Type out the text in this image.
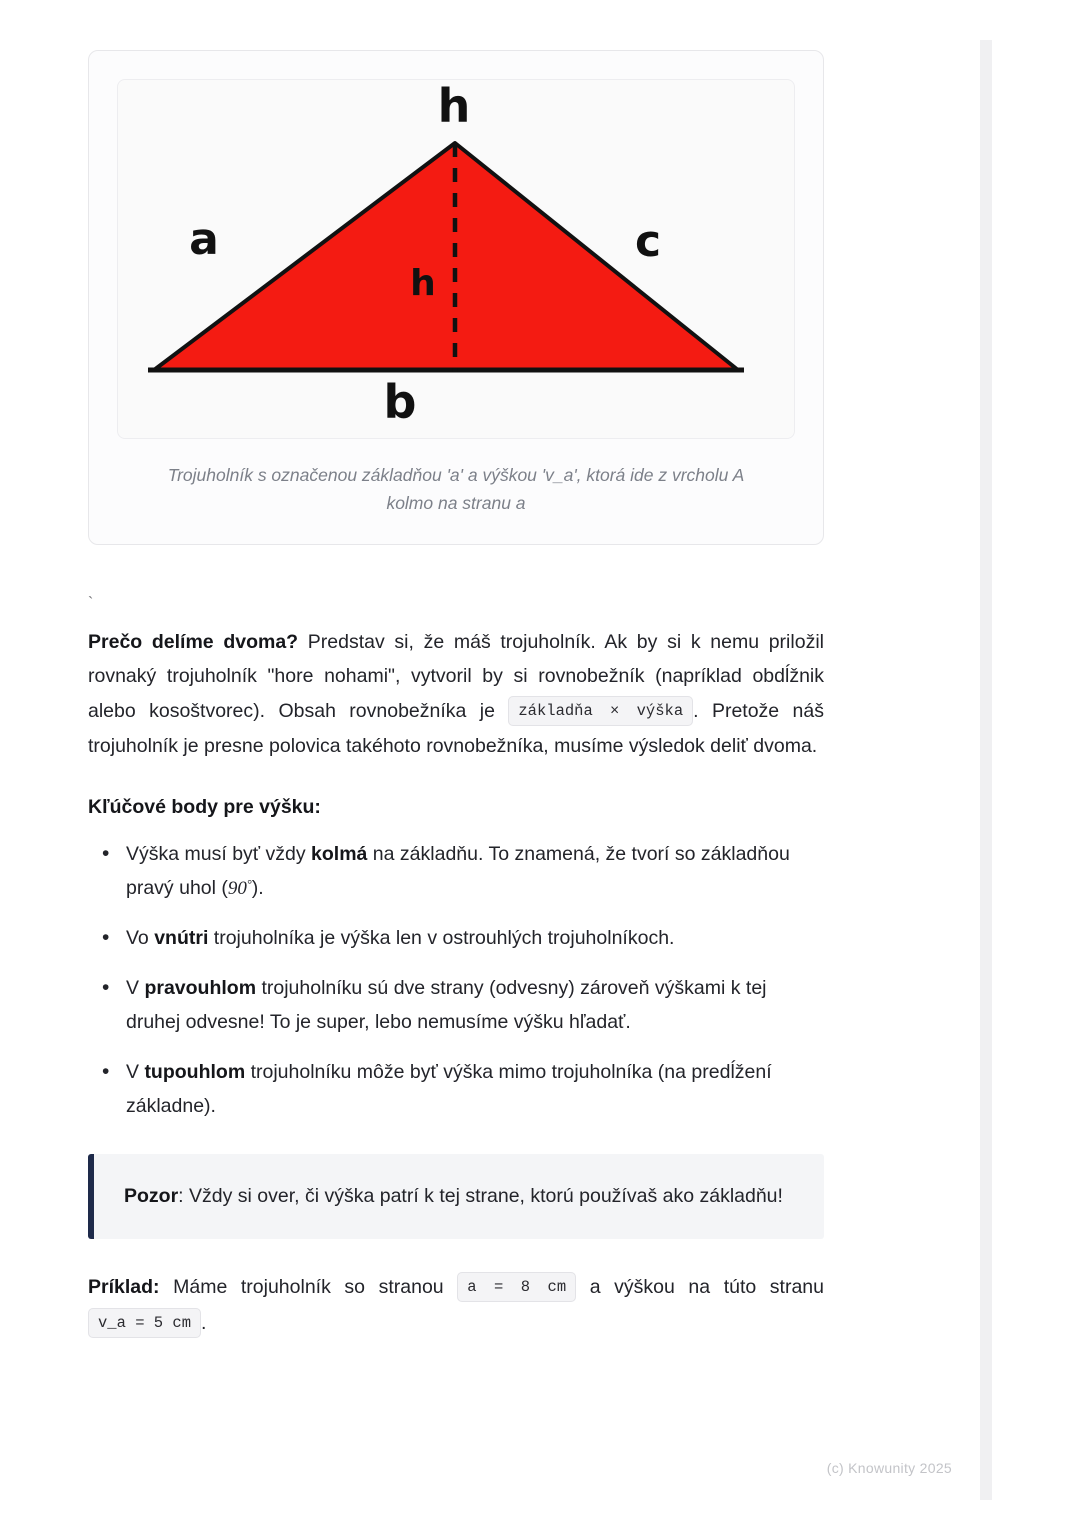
h
a	c
h
b
Trojuholník s označenou základňou 'a' a výškou 'v_a', ktorá ide z vrcholu A kolmo na stranu a
`

Prečo delíme dvoma? Predstav si, že máš trojuholník. Ak by si k nemu priložil rovnaký trojuholník "hore nohami", vytvoril by si rovnobežník (napríklad obdĺžnik alebo kosoštvorec). Obsah rovnobežníka je základňa × výška . Pretože náš trojuholník je presne polovica takéhoto rovnobežníka, musíme výsledok deliť dvoma.

Kľúčové body pre výšku:
• Výška musí byť vždy kolmá na základňu. To znamená, že tvorí so základňou pravý uhol (90°).
• Vo vnútri trojuholníka je výška len v ostrouhlých trojuholníkoch.
• V pravouhlom trojuholníku sú dve strany (odvesny) zároveň výškami k tej druhej odvesne! To je super, lebo nemusíme výšku hľadať.
• V tupouhlom trojuholníku môže byť výška mimo trojuholníka (na predĺžení základne).

Pozor: Vždy si over, či výška patrí k tej strane, ktorú používaš ako základňu!

Príklad: Máme trojuholník so stranou a = 8 cm a výškou na túto stranu v_a = 5 cm .

(c) Knowunity 2025
